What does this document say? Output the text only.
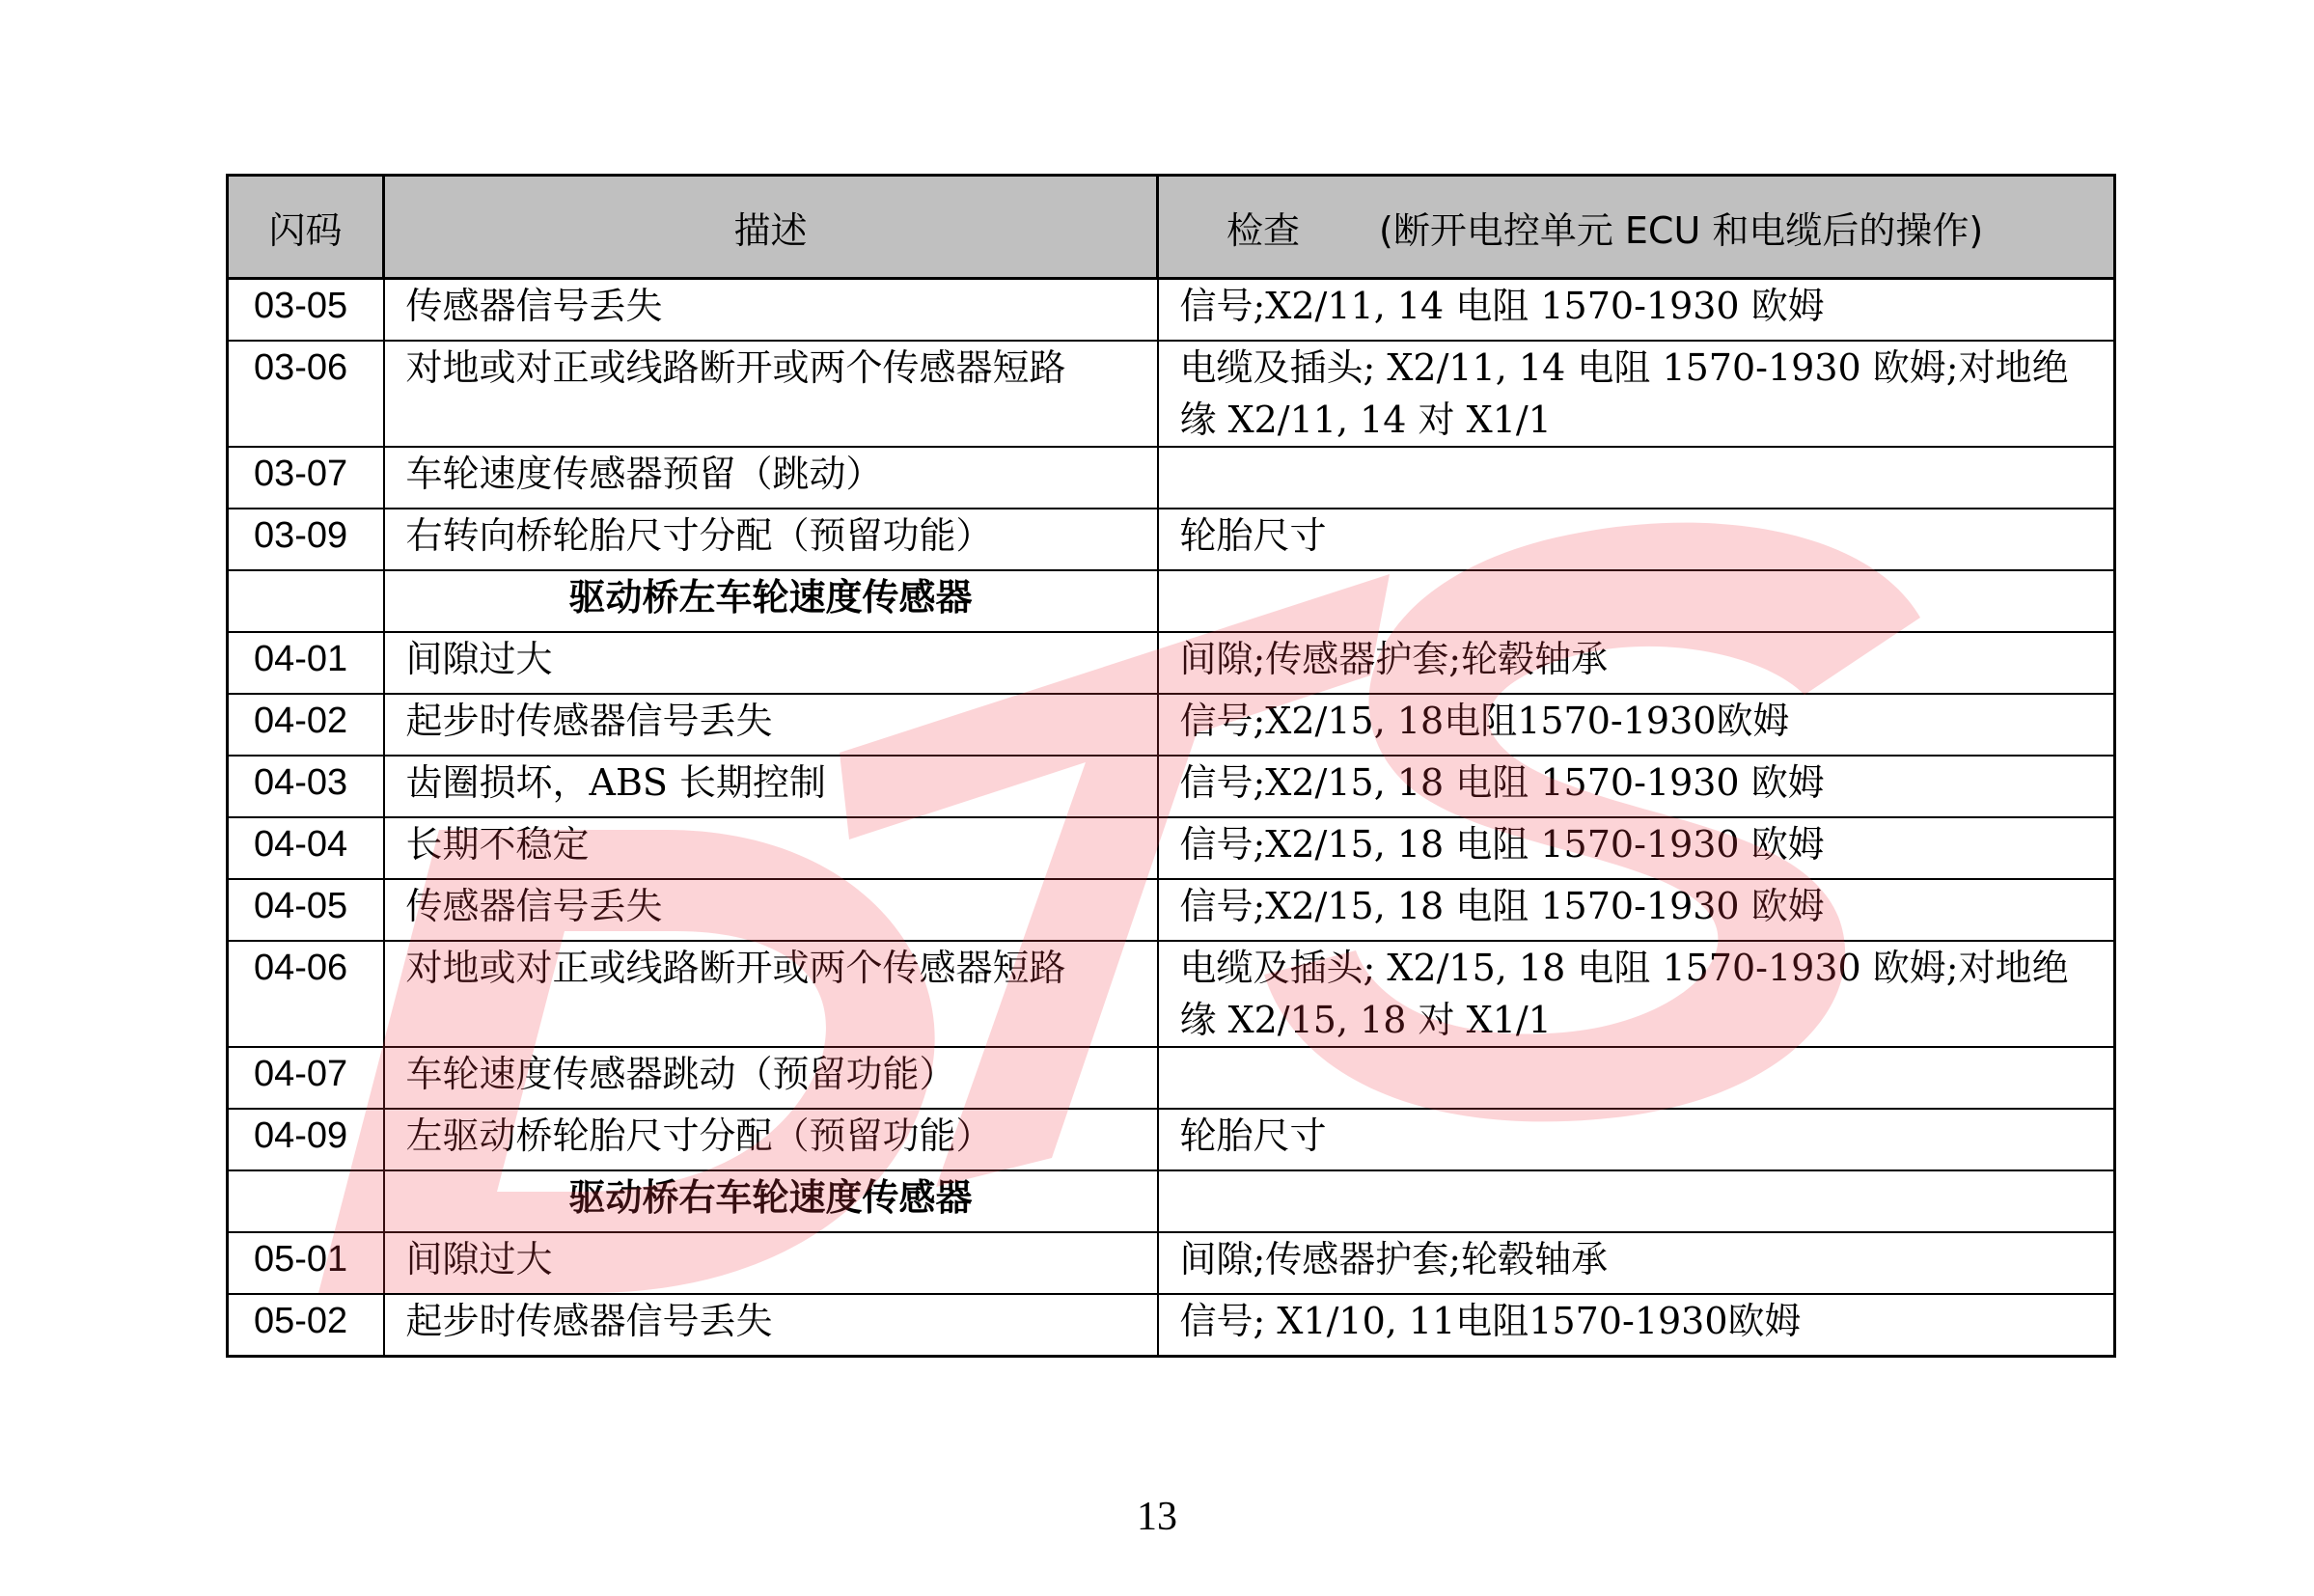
闪码	描述	检查 (断开电控单元 ECU 和电缆后的操作)
03-05	传感器信号丢失	信号;X2/11, 14 电阻 1570-1930 欧姆
03-06	对地或对正或线路断开或两个传感器短路	电缆及插头; X2/11, 14 电阻 1570-1930 欧姆;对地绝缘 X2/11, 14 对 X1/1
03-07	车轮速度传感器预留（跳动）	
03-09	右转向桥轮胎尺寸分配（预留功能）	轮胎尺寸
	驱动桥左车轮速度传感器	
04-01	间隙过大	间隙;传感器护套;轮毂轴承
04-02	起步时传感器信号丢失	信号;X2/15, 18电阻1570-1930欧姆
04-03	齿圈损坏，ABS 长期控制	信号;X2/15, 18 电阻 1570-1930 欧姆
04-04	长期不稳定	信号;X2/15, 18 电阻 1570-1930 欧姆
04-05	传感器信号丢失	信号;X2/15, 18 电阻 1570-1930 欧姆
04-06	对地或对正或线路断开或两个传感器短路	电缆及插头; X2/15, 18 电阻 1570-1930 欧姆;对地绝缘 X2/15, 18 对 X1/1
04-07	车轮速度传感器跳动（预留功能）	
04-09	左驱动桥轮胎尺寸分配（预留功能）	轮胎尺寸
	驱动桥右车轮速度传感器	
05-01	间隙过大	间隙;传感器护套;轮毂轴承
05-02	起步时传感器信号丢失	信号; X1/10, 11电阻1570-1930欧姆
13
